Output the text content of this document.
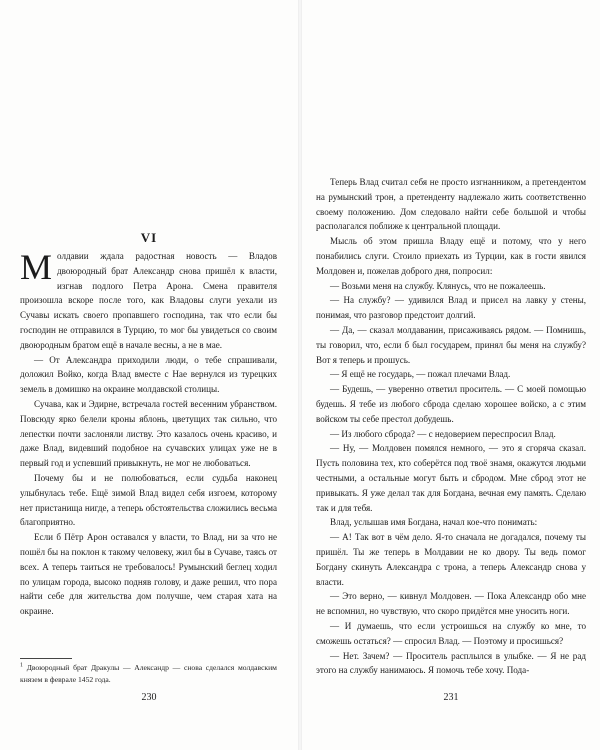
VI

Молдавии ждала радостная новость — Владов двоюродный брат Александр снова пришёл к власти, изгнав подлого Петра Арона. Смена правителя произошла вскоре после того, как Владовы слуги уехали из Сучавы искать своего пропавшего господина, так что если бы господин не отправился в Турцию, то мог бы увидеться со своим двоюродным братом ещё в начале весны, а не в мае.

— От Александра приходили люди, о тебе спрашивали, доложил Войко, когда Влад вместе с Нае вернулся из турецких земель в домишко на окраине молдавской столицы.

Сучава, как и Эдирне, встречала гостей весенним убранством. Повсюду ярко белели кроны яблонь, цветущих так сильно, что лепестки почти заслоняли листву. Это казалось очень красиво, и даже Влад, видевший подобное на сучавских улицах уже не в первый год и успевший привыкнуть, не мог не любоваться.

Почему бы и не полюбоваться, если судьба наконец улыбнулась тебе. Ещё зимой Влад видел себя изгоем, которому нет пристанища нигде, а теперь обстоятельства сложились весьма благоприятно.

Если б Пётр Арон оставался у власти, то Влад, ни за что не пошёл бы на поклон к такому человеку, жил бы в Сучаве, таясь от всех. А теперь таиться не требовалось! Румынский беглец ходил по улицам города, высоко подняв голову, и даже решил, что пора найти себе для жительства дом получше, чем старая хата на окраине.

$^1$ Двоюродный брат Дракулы — Александр — снова сделался молдавским князем в феврале 1452 года.
230

Теперь Влад считал себя не просто изгнанником, а претендентом на румынский трон, а претенденту надлежало жить соответственно своему положению. Дом следовало найти себе большой и чтобы располагался поближе к центральной площади.

Мысль об этом пришла Владу ещё и потому, что у него понабились слуги. Стоило приехать из Турции, как в гости явился Молдовен и, пожелав доброго дня, попросил:

— Возьми меня на службу. Клянусь, что не пожалеешь.

— На службу? — удивился Влад и присел на лавку у стены, понимая, что разговор предстоит долгий.

— Да, — сказал молдаванин, присаживаясь рядом. — Помнишь, ты говорил, что, если б был государем, принял бы меня на службу? Вот я теперь и прошусь.

— Я ещё не государь, — пожал плечами Влад.

— Будешь, — уверенно ответил проситель. — С моей помощью будешь. Я тебе из любого сброда сделаю хорошее войско, а с этим войском ты себе престол добудешь.

— Из любого сброда? — с недоверием переспросил Влад.

— Ну, — Молдовен помялся немного, — это я сгоряча сказал. Пусть половина тех, кто соберётся под твоё знамя, окажутся людьми честными, а остальные могут быть и сбродом. Мне сброд этот не привыкать. Я уже делал так для Богдана, вечная ему память. Сделаю так и для тебя.

Влад, услышав имя Богдана, начал кое-что понимать:

— А! Так вот в чём дело. Я-то сначала не догадался, почему ты пришёл. Ты же теперь в Молдавии не ко двору. Ты ведь помог Богдану скинуть Александра с трона, а теперь Александр снова у власти.

— Это верно, — кивнул Молдовен. — Пока Александр обо мне не вспомнил, но чувствую, что скоро придётся мне уносить ноги.

— И думаешь, что если устроишься на службу ко мне, то сможешь остаться? — спросил Влад. — Поэтому и просишься?

— Нет. Зачем? — Проситель расплылся в улыбке. — Я не рад этого на службу нанимаюсь. Я помочь тебе хочу. Пода-

231
